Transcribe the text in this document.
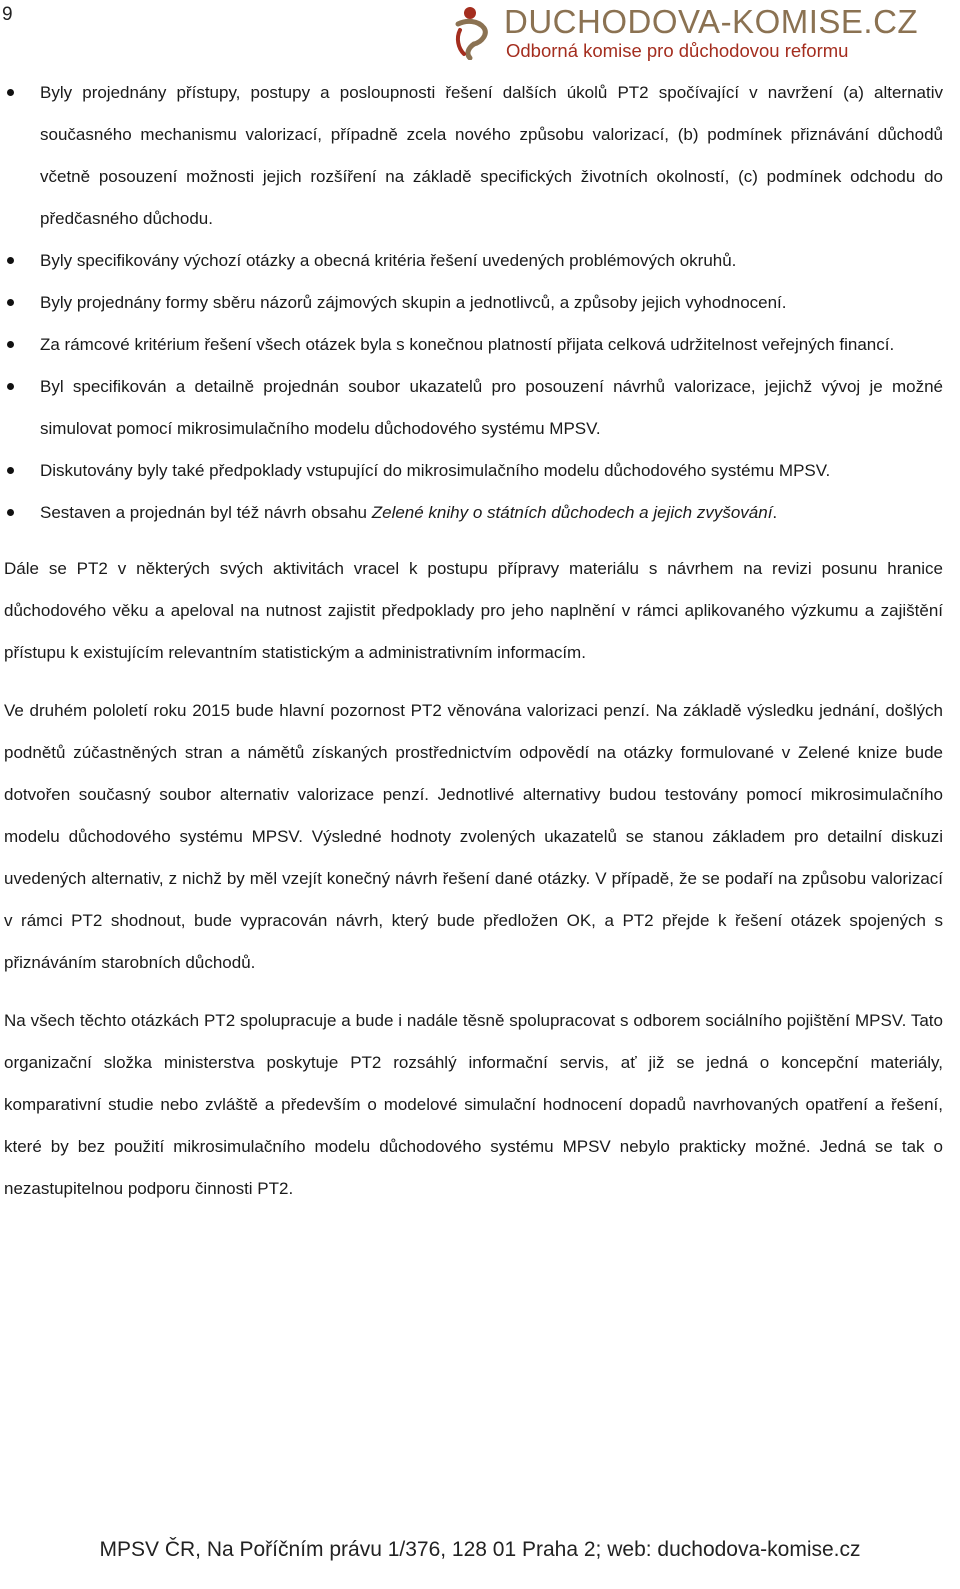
9	DUCHODOVA-KOMISE.CZ
Odborná komise pro důchodovou reformu
Byly projednány přístupy, postupy a posloupnosti řešení dalších úkolů PT2 spočívající v navržení (a) alternativ současného mechanismu valorizací, případně zcela nového způsobu valorizací, (b) podmínek přiznávání důchodů včetně posouzení možnosti jejich rozšíření na základě specifických životních okolností, (c) podmínek odchodu do předčasného důchodu.
Byly specifikovány výchozí otázky a obecná kritéria řešení uvedených problémových okruhů.
Byly projednány formy sběru názorů zájmových skupin a jednotlivců, a způsoby jejich vyhodnocení.
Za rámcové kritérium řešení všech otázek byla s konečnou platností přijata celková udržitelnost veřejných financí.
Byl specifikován a detailně projednán soubor ukazatelů pro posouzení návrhů valorizace, jejichž vývoj je možné simulovat pomocí mikrosimulačního modelu důchodového systému MPSV.
Diskutovány byly také předpoklady vstupující do mikrosimulačního modelu důchodového systému MPSV.
Sestaven a projednán byl též návrh obsahu Zelené knihy o státních důchodech a jejich zvyšování.

Dále se PT2 v některých svých aktivitách vracel k postupu přípravy materiálu s návrhem na revizi posunu hranice důchodového věku a apeloval na nutnost zajistit předpoklady pro jeho naplnění v rámci aplikovaného výzkumu a zajištění přístupu k existujícím relevantním statistickým a administrativním informacím.

Ve druhém pololetí roku 2015 bude hlavní pozornost PT2 věnována valorizaci penzí. Na základě výsledku jednání, došlých podnětů zúčastněných stran a námětů získaných prostřednictvím odpovědí na otázky formulované v Zelené knize bude dotvořen současný soubor alternativ valorizace penzí. Jednotlivé alternativy budou testovány pomocí mikrosimulačního modelu důchodového systému MPSV. Výsledné hodnoty zvolených ukazatelů se stanou základem pro detailní diskuzi uvedených alternativ, z nichž by měl vzejít konečný návrh řešení dané otázky. V případě, že se podaří na způsobu valorizací v rámci PT2 shodnout, bude vypracován návrh, který bude předložen OK, a PT2 přejde k řešení otázek spojených s přiznáváním starobních důchodů.

Na všech těchto otázkách PT2 spolupracuje a bude i nadále těsně spolupracovat s odborem sociálního pojištění MPSV. Tato organizační složka ministerstva poskytuje PT2 rozsáhlý informační servis, ať již se jedná o koncepční materiály, komparativní studie nebo zvláště a především o modelové simulační hodnocení dopadů navrhovaných opatření a řešení, které by bez použití mikrosimulačního modelu důchodového systému MPSV nebylo prakticky možné. Jedná se tak o nezastupitelnou podporu činnosti PT2.

MPSV ČR, Na Poříčním právu 1/376, 128 01 Praha 2; web: duchodova-komise.cz
